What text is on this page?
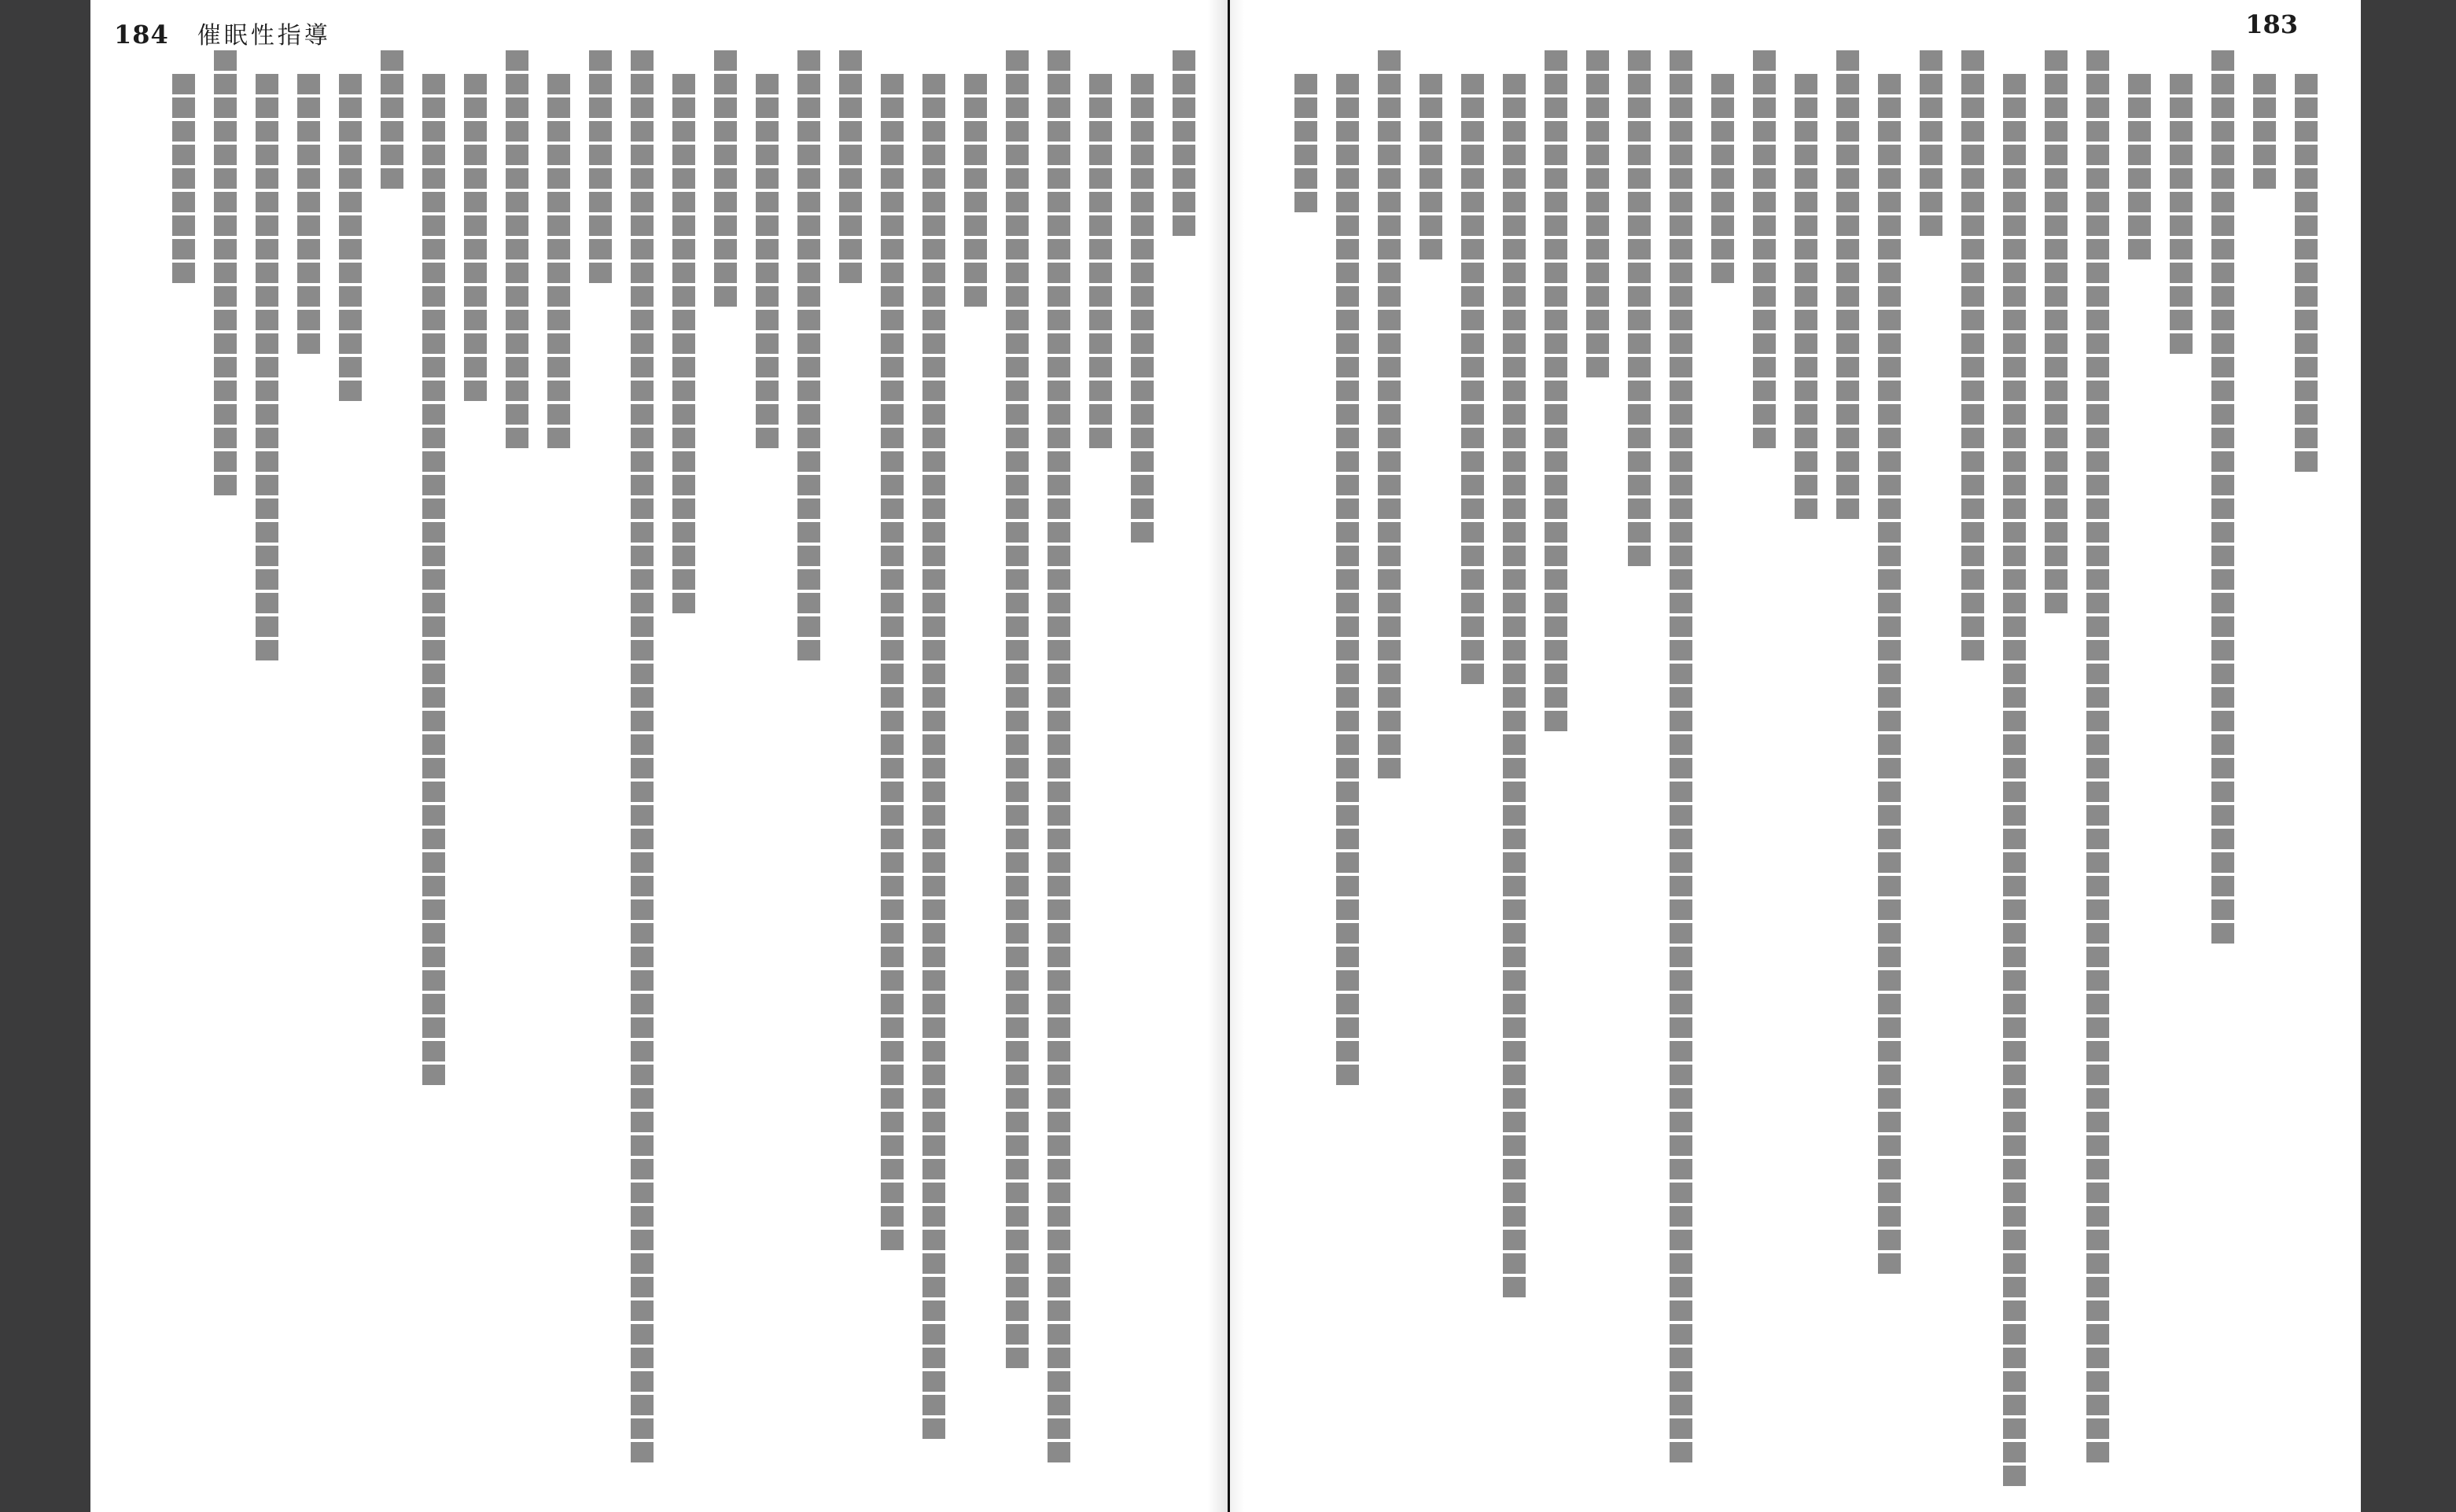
184 催眠性指導	183
